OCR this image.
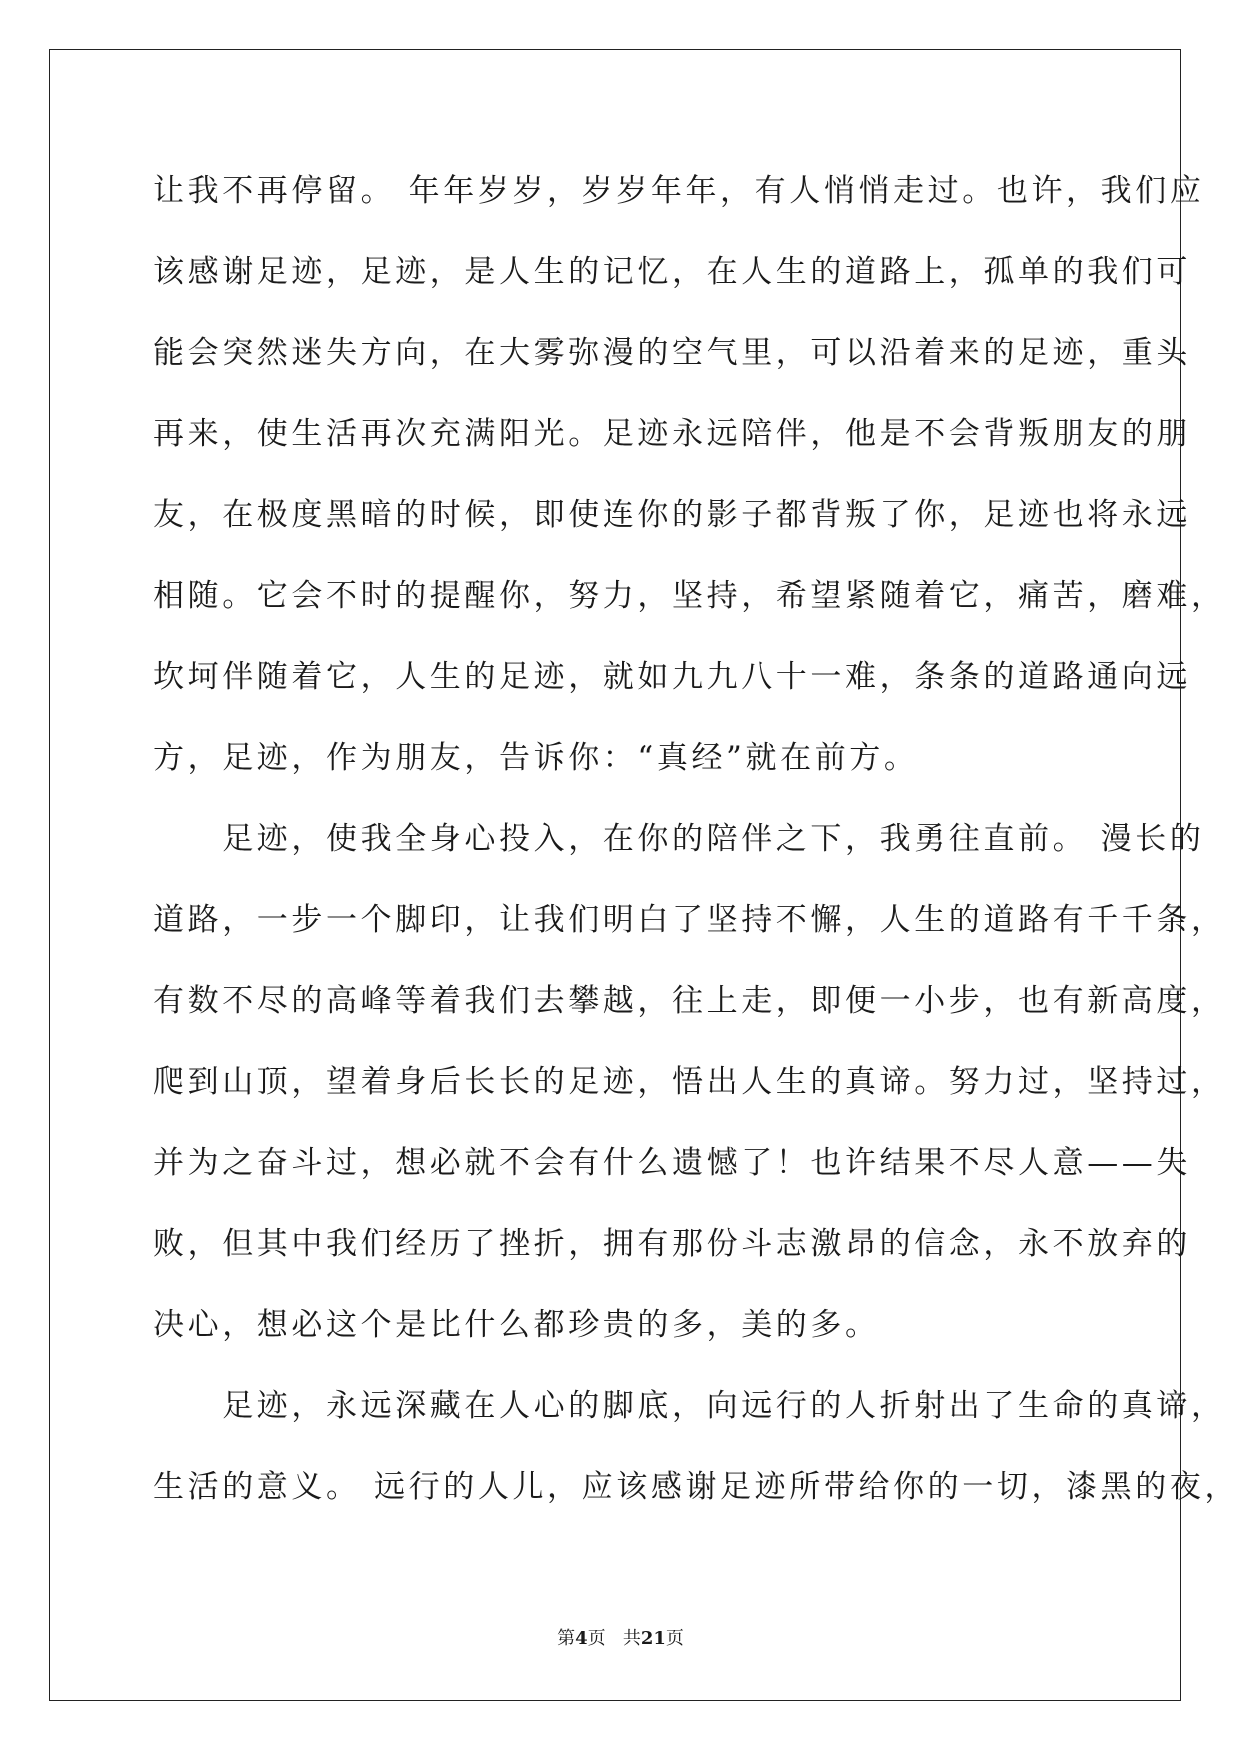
让我不再停留。 年年岁岁，岁岁年年，有人悄悄走过。也许，我们应
该感谢足迹，足迹，是人生的记忆，在人生的道路上，孤单的我们可
能会突然迷失方向，在大雾弥漫的空气里，可以沿着来的足迹，重头
再来，使生活再次充满阳光。足迹永远陪伴，他是不会背叛朋友的朋
友，在极度黑暗的时候，即使连你的影子都背叛了你，足迹也将永远
相随。它会不时的提醒你，努力，坚持，希望紧随着它，痛苦，磨难，
坎坷伴随着它，人生的足迹，就如九九八十一难，条条的道路通向远
方，足迹，作为朋友，告诉你：“真经”就在前方。
　　足迹，使我全身心投入，在你的陪伴之下，我勇往直前。 漫长的
道路，一步一个脚印，让我们明白了坚持不懈，人生的道路有千千条，
有数不尽的高峰等着我们去攀越，往上走，即便一小步，也有新高度，
爬到山顶，望着身后长长的足迹，悟出人生的真谛。努力过，坚持过，
并为之奋斗过，想必就不会有什么遗憾了！也许结果不尽人意——失
败，但其中我们经历了挫折，拥有那份斗志激昂的信念，永不放弃的
决心，想必这个是比什么都珍贵的多，美的多。
　　足迹，永远深藏在人心的脚底，向远行的人折射出了生命的真谛，
生活的意义。 远行的人儿，应该感谢足迹所带给你的一切，漆黑的夜，
第4页 共21页
